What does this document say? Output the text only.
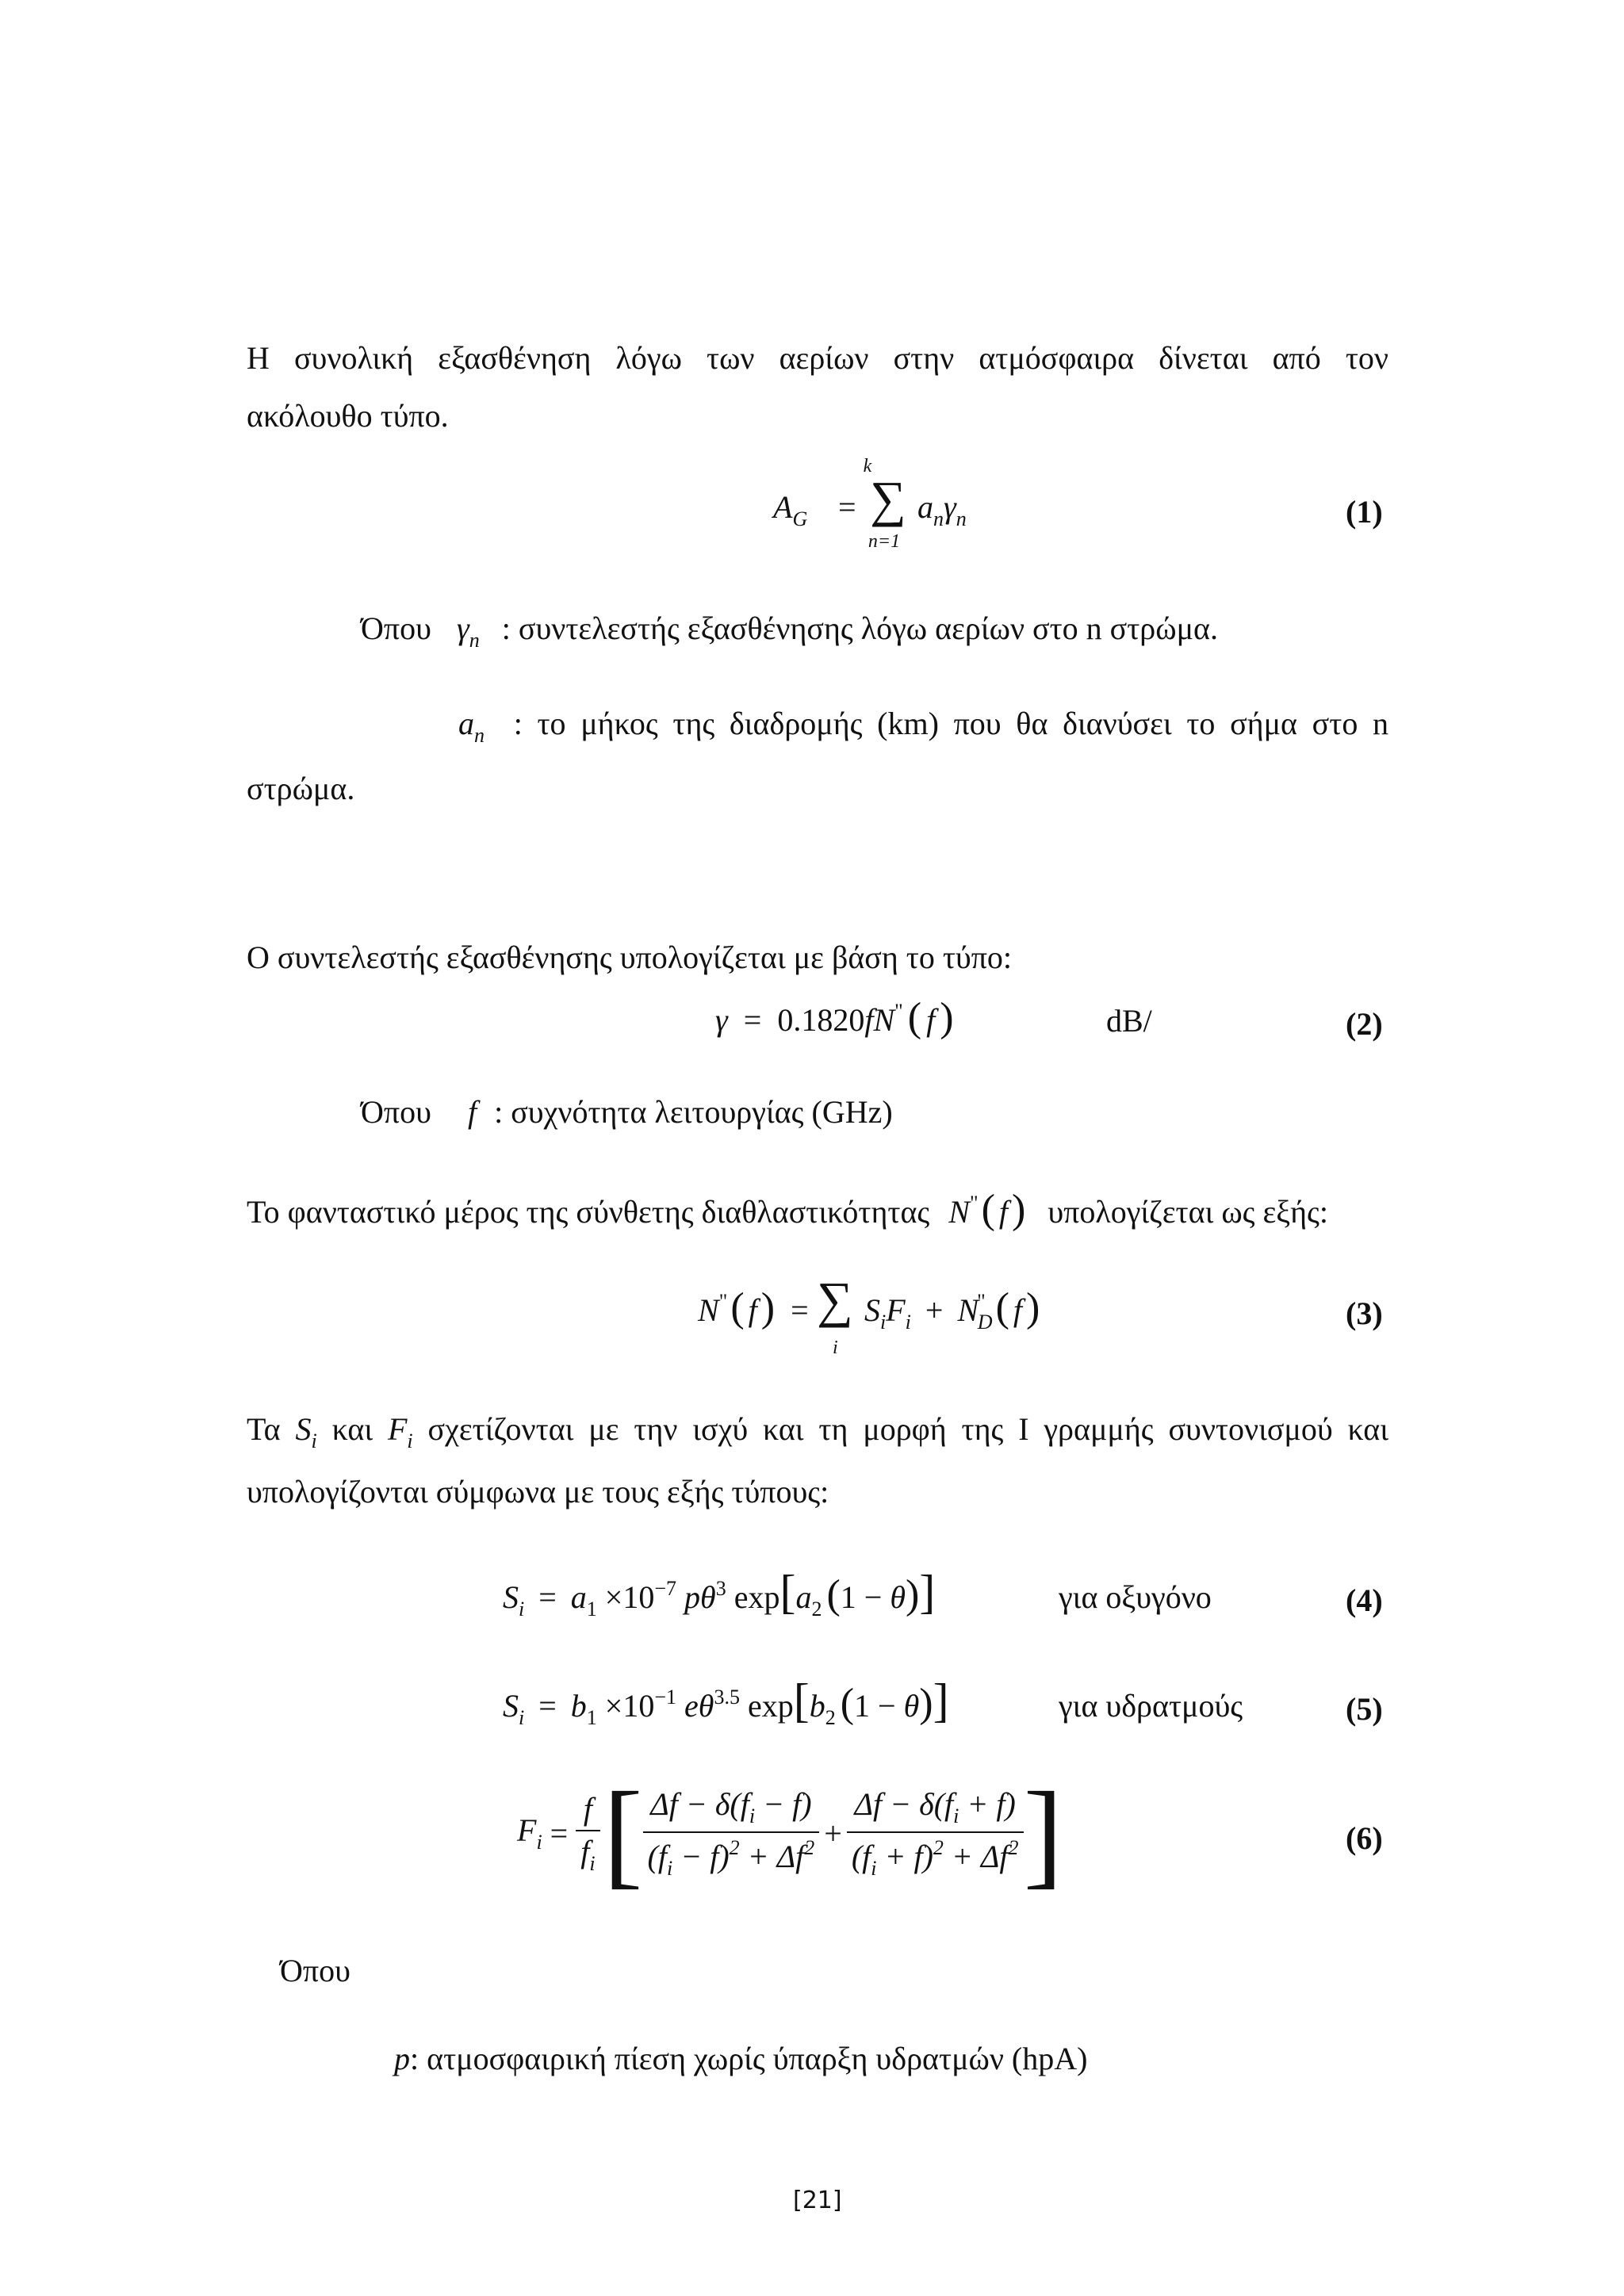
Η συνολική εξασθένηση λόγω των αερίων στην ατμόσφαιρα δίνεται από τον
ακόλουθο τύπο.
$A_G$ =
k
∑
n=1
$a_n\gamma_n$	(1)
Όπου $\gamma_n$ : συντελεστής εξασθένησης λόγω αερίων στο n στρώμα.
$a_n$ : το μήκος της διαδρομής (km) που θα διανύσει το σήμα στο n
στρώμα.
Ο συντελεστής εξασθένησης υπολογίζεται με βάση το τύπο:
γ = 0.1820fN" ( f )	dB/	(2)
Όπου f : συχνότητα λειτουργίας (GHz)
Το φανταστικό μέρος της σύνθετης διαθλαστικότητας N"( f) υπολογίζεται ως εξής:
N"( f) = ∑
i
$S_iF_i + N^"_D$( f)	(3)
Τα $S_i$ και $F_i$ σχετίζονται με την ισχύ και τη μορφή της I γραμμής συντονισμού και
υπολογίζονται σύμφωνα με τους εξής τύπους:
$S_i = a_1 \times 10^{-7}$ $p\theta^3$ $\exp[a_2$ (1 − θ)]	για οξυγόνο	(4)
$S_i = b_1 \times 10^{-1}$ $e\theta^{3.5}$ $\exp[b_2$ (1 − θ)]	για υδρατμούς	(5)
$F_i = \frac{f}{f_i}$ [ $\frac{\Delta f - \delta(f_i - f)}{(f_i - f)^2 + \Delta f^2} + \frac{\Delta f - \delta(f_i + f)}{(f_i + f)^2 + \Delta f^2}$ ]	(6)
Όπου
p: ατμοσφαιρική πίεση χωρίς ύπαρξη υδρατμών (hpA)
[21]
